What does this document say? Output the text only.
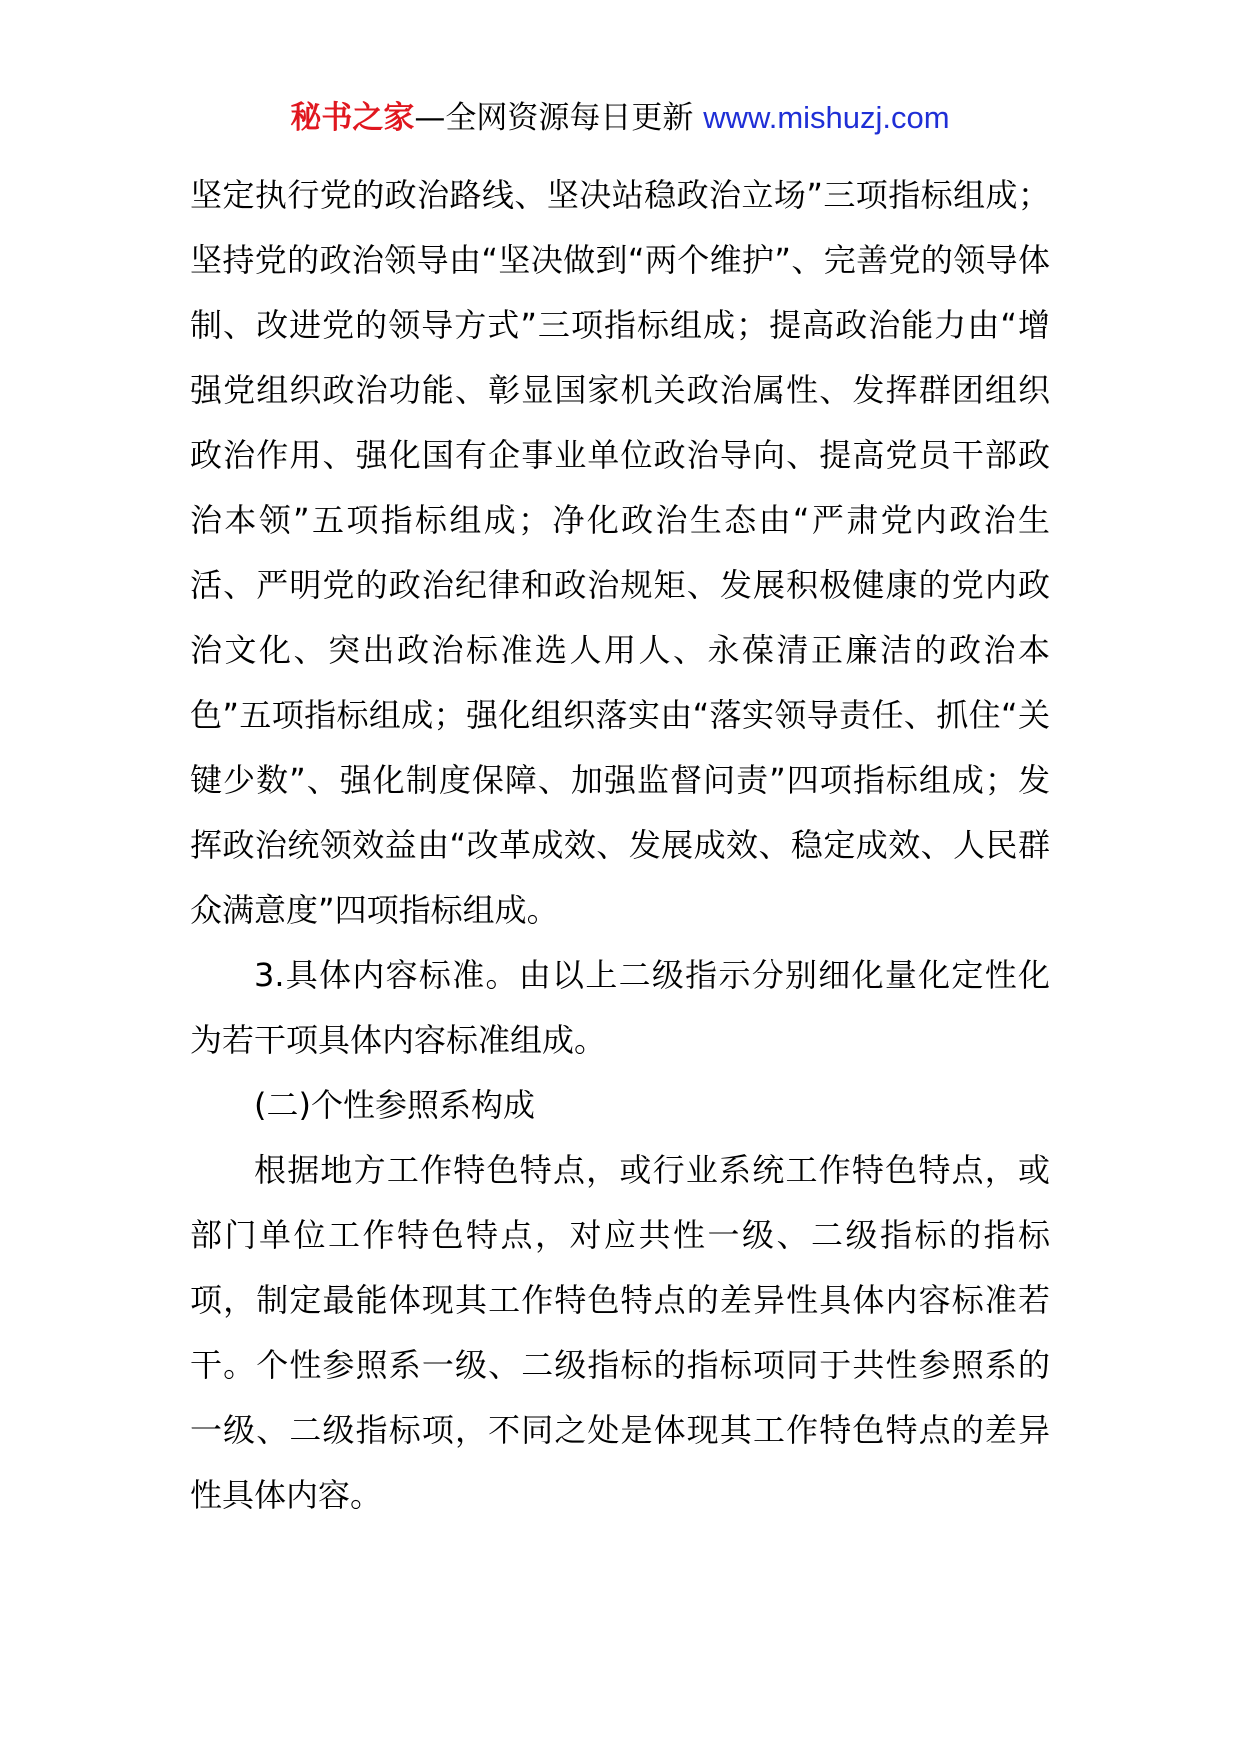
秘书之家—全网资源每日更新 www.mishuzj.com

坚定执行党的政治路线、坚决站稳政治立场”三项指标组成；坚持党的政治领导由“坚决做到“两个维护”、完善党的领导体制、改进党的领导方式”三项指标组成；提高政治能力由“增强党组织政治功能、彰显国家机关政治属性、发挥群团组织政治作用、强化国有企事业单位政治导向、提高党员干部政治本领”五项指标组成；净化政治生态由“严肃党内政治生活、严明党的政治纪律和政治规矩、发展积极健康的党内政治文化、突出政治标准选人用人、永葆清正廉洁的政治本色”五项指标组成；强化组织落实由“落实领导责任、抓住“关键少数”、强化制度保障、加强监督问责”四项指标组成；发挥政治统领效益由“改革成效、发展成效、稳定成效、人民群众满意度”四项指标组成。

3.具体内容标准。由以上二级指示分别细化量化定性化为若干项具体内容标准组成。

(二)个性参照系构成

根据地方工作特色特点，或行业系统工作特色特点，或部门单位工作特色特点，对应共性一级、二级指标的指标项，制定最能体现其工作特色特点的差异性具体内容标准若干。个性参照系一级、二级指标的指标项同于共性参照系的一级、二级指标项，不同之处是体现其工作特色特点的差异性具体内容。
